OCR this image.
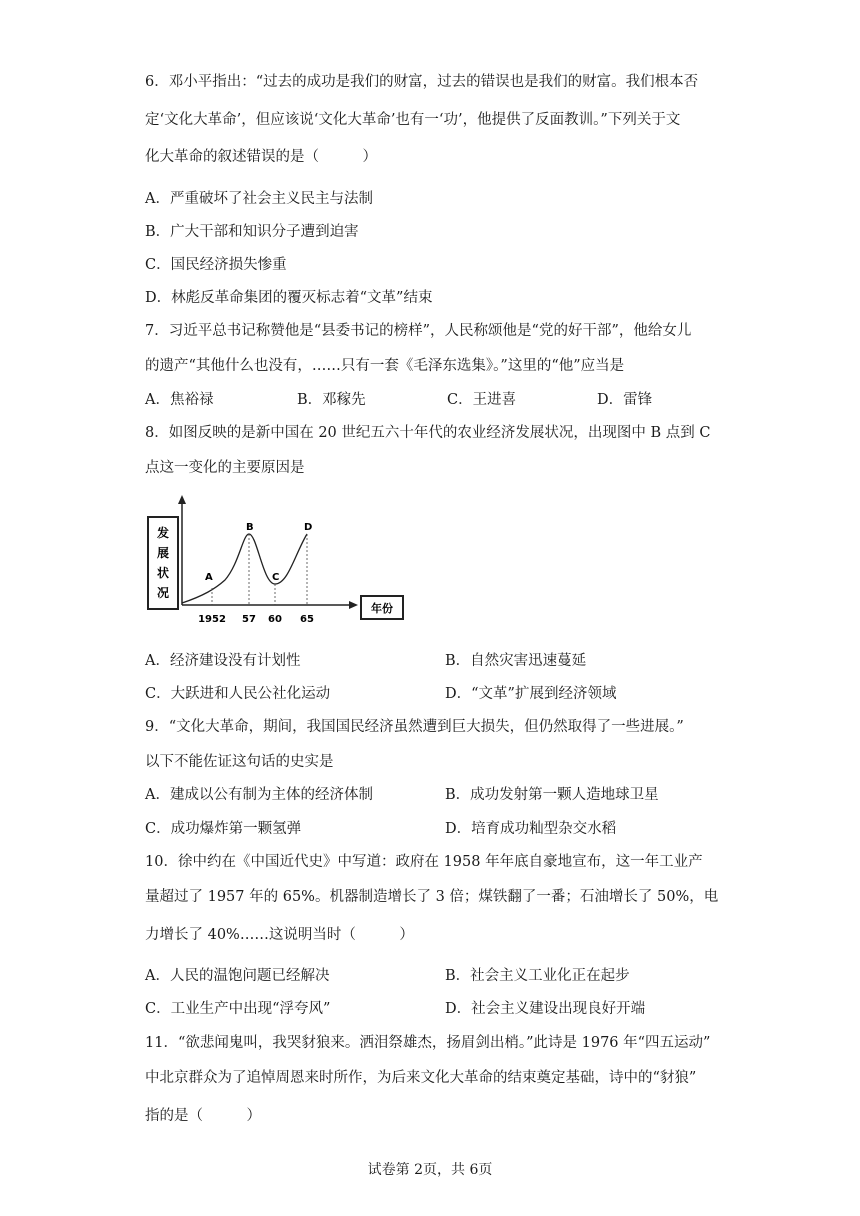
6．邓小平指出：“过去的成功是我们的财富，过去的错误也是我们的财富。我们根本否
定‘文化大革命’，但应该说‘文化大革命’也有一‘功’，他提供了反面教训。”下列关于文
化大革命的叙述错误的是（　　　）
A．严重破坏了社会主义民主与法制
B．广大干部和知识分子遭到迫害
C．国民经济损失惨重
D．林彪反革命集团的覆灭标志着“文革”结束
7．习近平总书记称赞他是“县委书记的榜样”，人民称颂他是“党的好干部”，他给女儿
的遗产“其他什么也没有，……只有一套《毛泽东选集》。”这里的“他”应当是
A．焦裕禄	B．邓稼先	C．王进喜	D．雷锋
8．如图反映的是新中国在 20 世纪五六十年代的农业经济发展状况，出现图中 B 点到 C
点这一变化的主要原因是
发
展
状
况
年份
A
1952
B
57
C
60
D
65
A．经济建设没有计划性	B．自然灾害迅速蔓延
C．大跃进和人民公社化运动	D．“文革”扩展到经济领域
9．“文化大革命，期间，我国国民经济虽然遭到巨大损失，但仍然取得了一些进展。”
以下不能佐证这句话的史实是
A．建成以公有制为主体的经济体制	B．成功发射第一颗人造地球卫星
C．成功爆炸第一颗氢弹	D．培育成功籼型杂交水稻
10．徐中约在《中国近代史》中写道：政府在 1958 年年底自豪地宣布，这一年工业产
量超过了 1957 年的 65%。机器制造增长了 3 倍；煤铁翻了一番；石油增长了 50%，电
力增长了 40%……这说明当时（　　　）
A．人民的温饱问题已经解决	B．社会主义工业化正在起步
C．工业生产中出现“浮夸风”	D．社会主义建设出现良好开端
11．“欲悲闻鬼叫，我哭豺狼来。洒泪祭雄杰，扬眉剑出梢。”此诗是 1976 年“四五运动”
中北京群众为了追悼周恩来时所作，为后来文化大革命的结束奠定基础，诗中的“豺狼”
指的是（　　　）
试卷第 2页，共 6页
